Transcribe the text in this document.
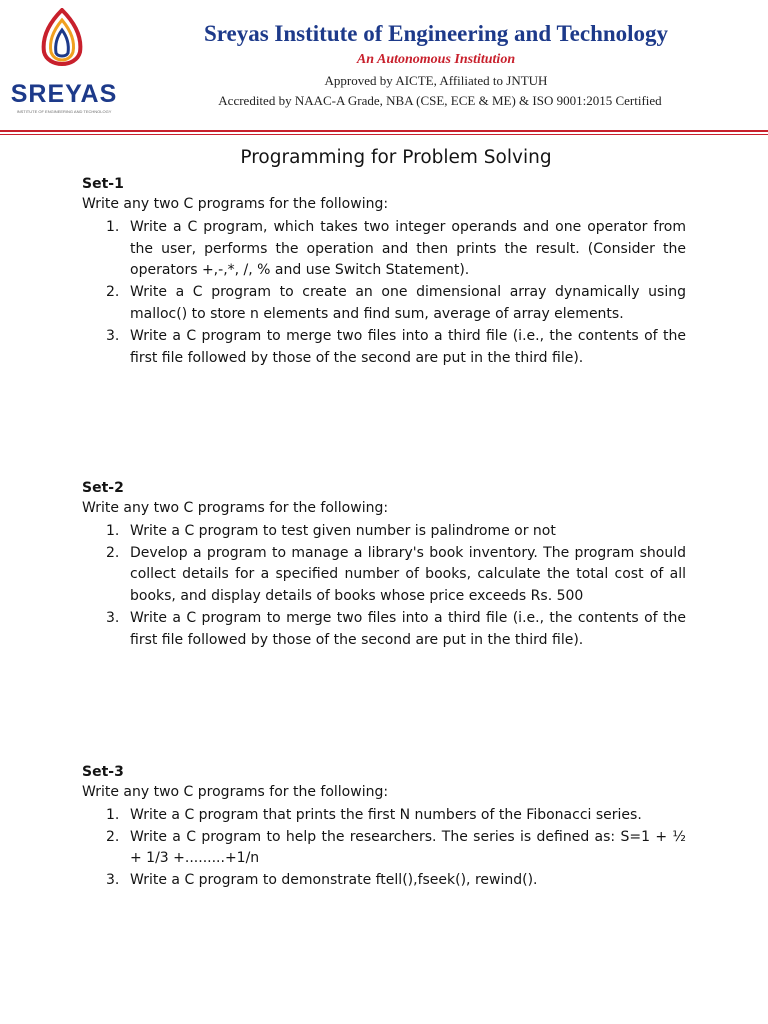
SREYAS
INSTITUTE OF ENGINEERING AND TECHNOLOGY
Sreyas Institute of Engineering and Technology
An Autonomous Institution
Approved by AICTE, Affiliated to JNTUH
Accredited by NAAC-A Grade, NBA (CSE, ECE & ME) & ISO 9001:2015 Certified
Programming for Problem Solving
Set-1
Write any two C programs for the following:
1. Write a C program, which takes two integer operands and one operator from the user, performs the operation and then prints the result. (Consider the operators +,-,*, /, % and use Switch Statement).
2. Write a C program to create an one dimensional array dynamically using malloc() to store n elements and find sum, average of array elements.
3. Write a C program to merge two files into a third file (i.e., the contents of the first file followed by those of the second are put in the third file).
Set-2
Write any two C programs for the following:
1. Write a C program to test given number is palindrome or not
2. Develop a program to manage a library's book inventory. The program should collect details for a specified number of books, calculate the total cost of all books, and display details of books whose price exceeds Rs. 500
3. Write a C program to merge two files into a third file (i.e., the contents of the first file followed by those of the second are put in the third file).
Set-3
Write any two C programs for the following:
1. Write a C program that prints the first N numbers of the Fibonacci series.
2. Write a C program to help the researchers. The series is defined as: S=1 + ½ + 1/3 +.........+1/n
3. Write a C program to demonstrate ftell(),fseek(), rewind().
